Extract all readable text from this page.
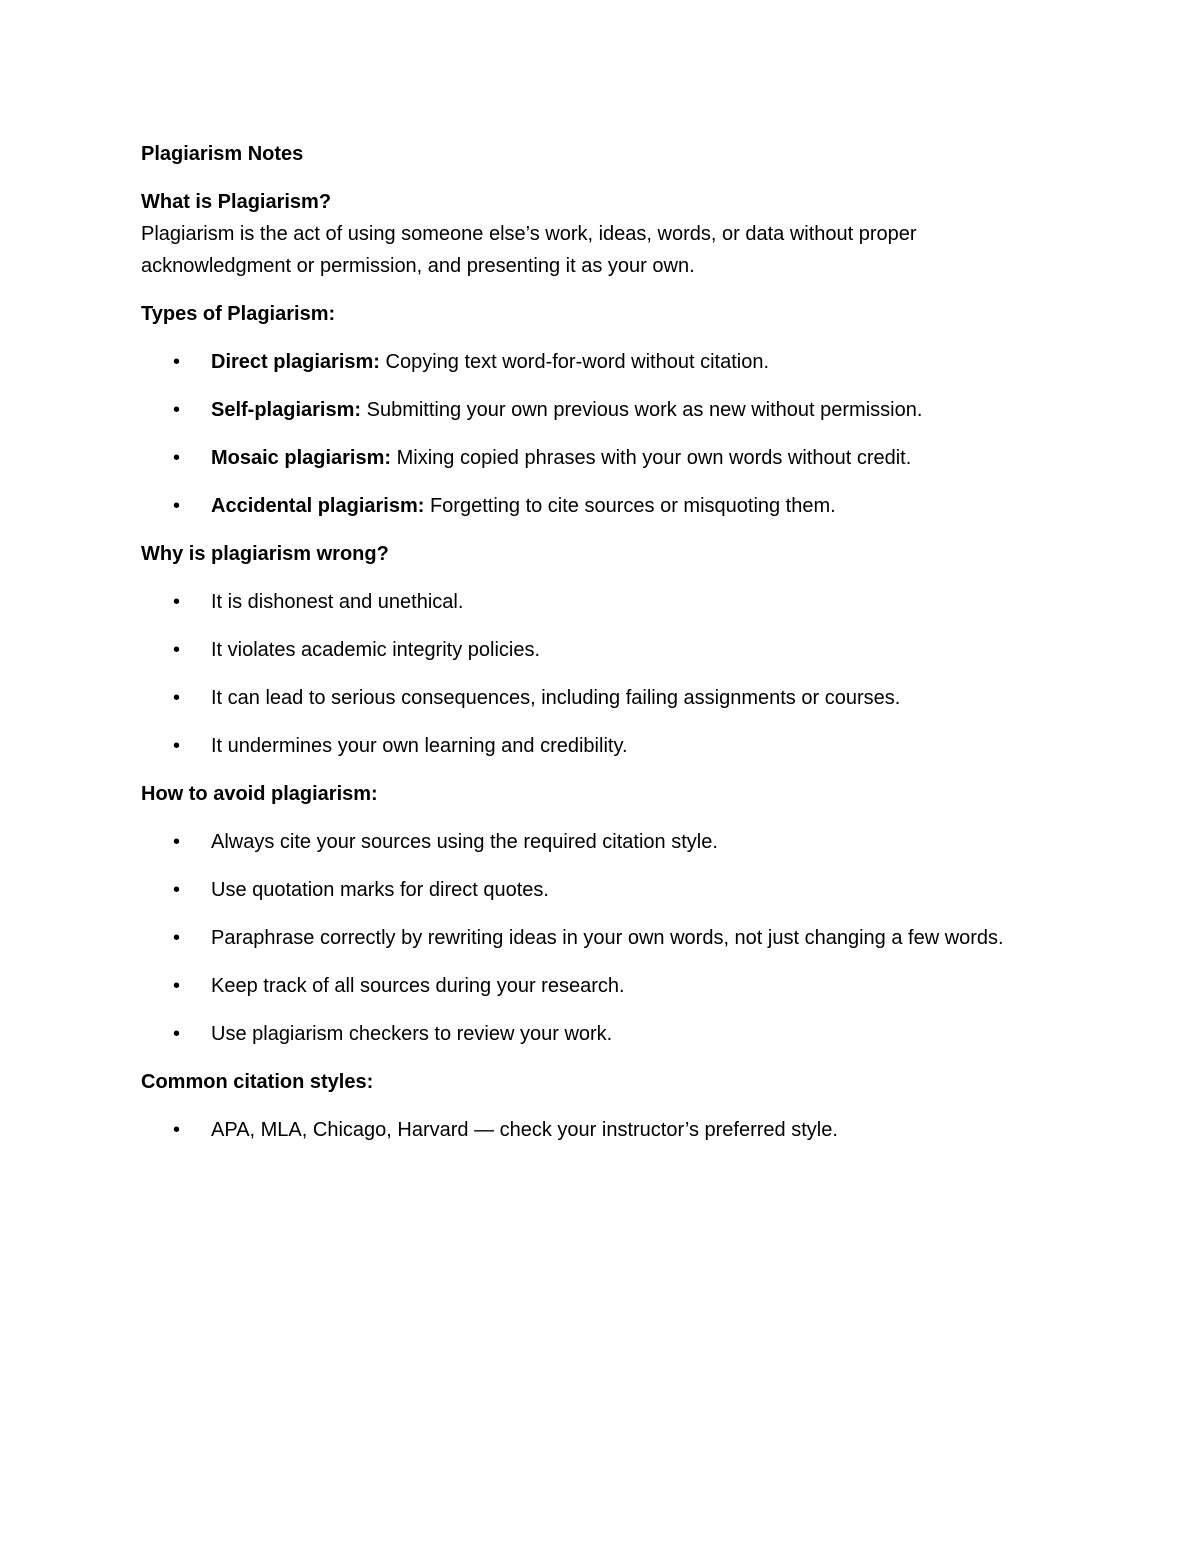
Plagiarism Notes

What is Plagiarism?

Plagiarism is the act of using someone else’s work, ideas, words, or data without proper acknowledgment or permission, and presenting it as your own.

Types of Plagiarism:

• Direct plagiarism: Copying text word-for-word without citation.
• Self-plagiarism: Submitting your own previous work as new without permission.
• Mosaic plagiarism: Mixing copied phrases with your own words without credit.
• Accidental plagiarism: Forgetting to cite sources or misquoting them.

Why is plagiarism wrong?

• It is dishonest and unethical.
• It violates academic integrity policies.
• It can lead to serious consequences, including failing assignments or courses.
• It undermines your own learning and credibility.

How to avoid plagiarism:

• Always cite your sources using the required citation style.
• Use quotation marks for direct quotes.
• Paraphrase correctly by rewriting ideas in your own words, not just changing a few words.
• Keep track of all sources during your research.
• Use plagiarism checkers to review your work.

Common citation styles:

• APA, MLA, Chicago, Harvard — check your instructor’s preferred style.
